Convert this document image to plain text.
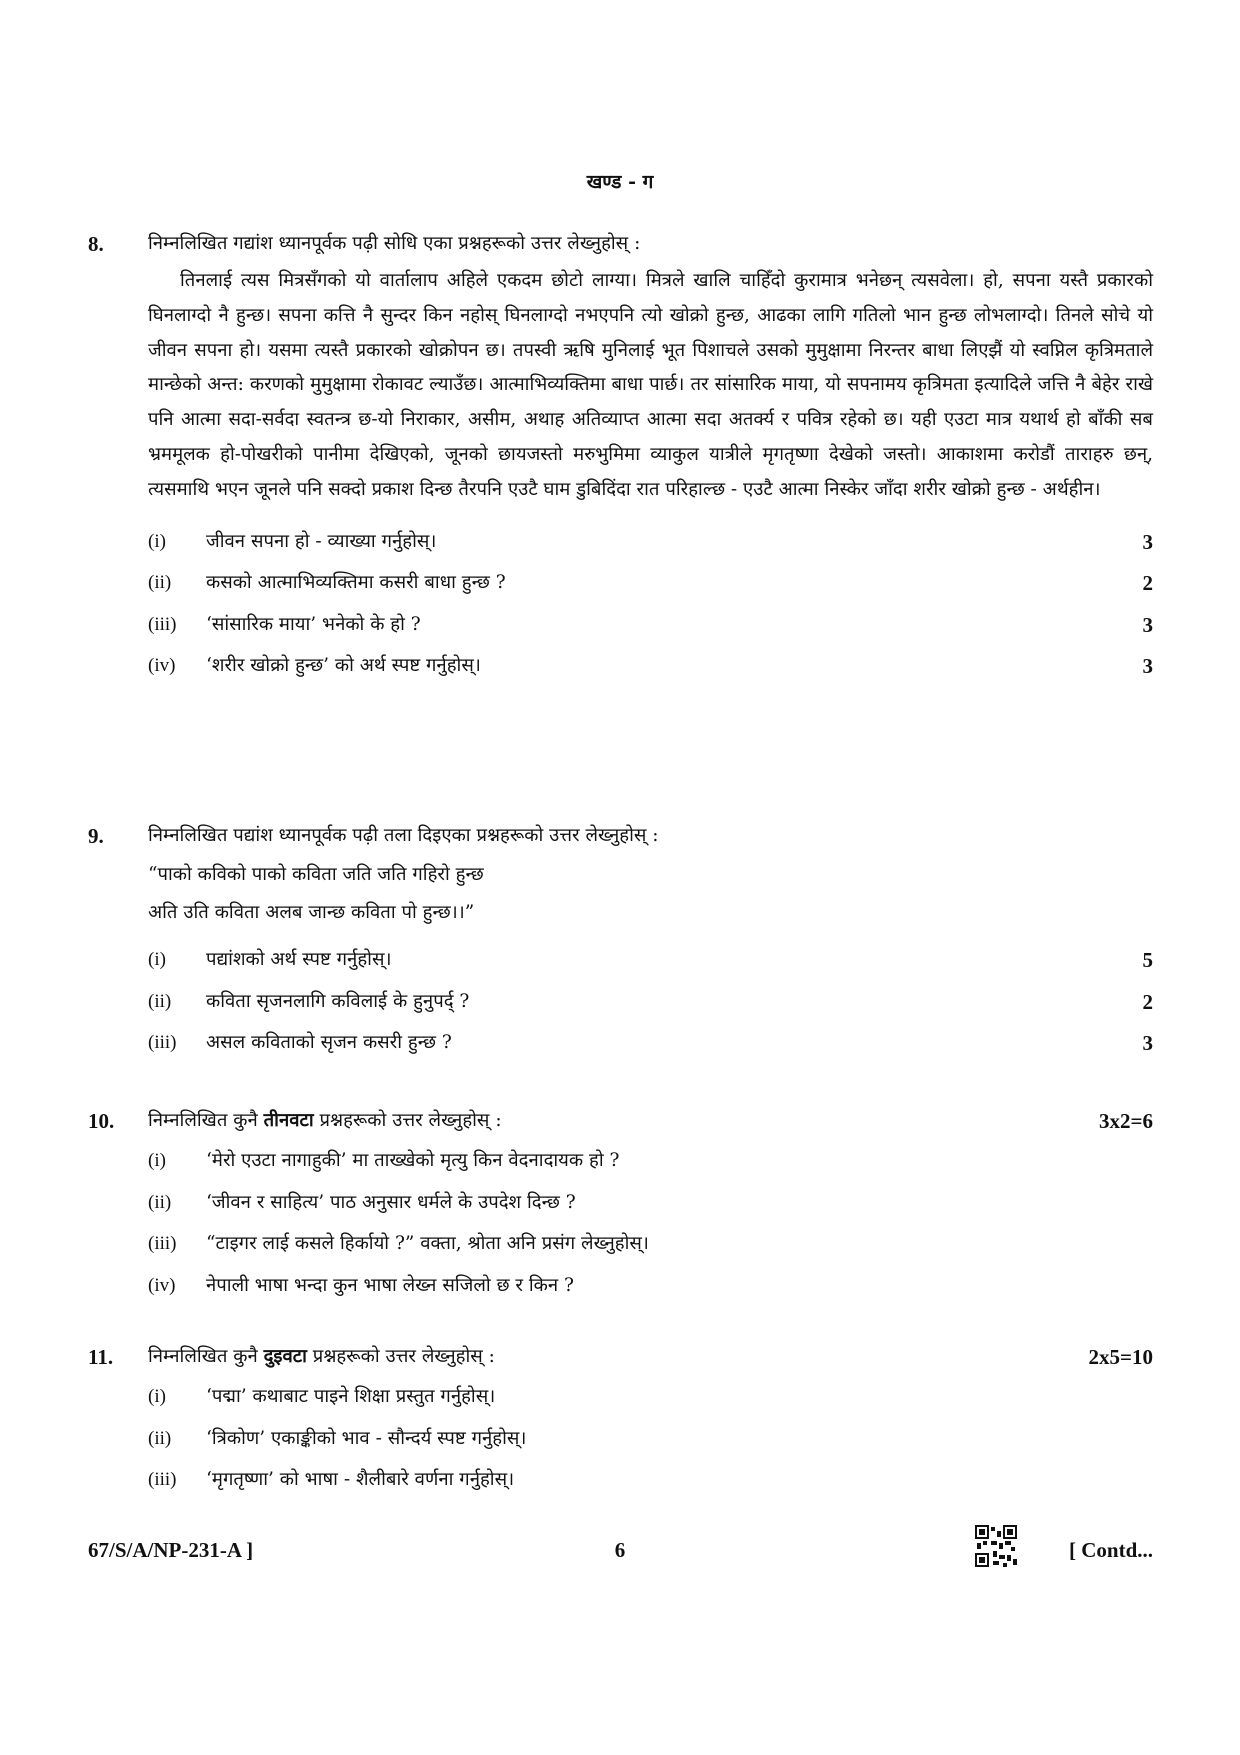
खण्ड - ग
8.	निम्नलिखित गद्यांश ध्यानपूर्वक पढ़ी सोधि एका प्रश्नहरूको उत्तर लेख्नुहोस् :

तिनलाई त्यस मित्रसँगको यो वार्तालाप अहिले एकदम छोटो लाग्या। मित्रले खालि चाहिँदो कुरामात्र भनेछन् त्यसवेला। हो, सपना यस्तै प्रकारको घिनलाग्दो नै हुन्छ। सपना कत्ति नै सुन्दर किन नहोस् घिनलाग्दो नभएपनि त्यो खोक्रो हुन्छ, आढका लागि गतिलो भान हुन्छ लोभलाग्दो। तिनले सोचे यो जीवन सपना हो। यसमा त्यस्तै प्रकारको खोक्रोपन छ। तपस्वी ऋषि मुनिलाई भूत पिशाचले उसको मुमुक्षामा निरन्तर बाधा लिएझैं यो स्वप्निल कृत्रिमताले मान्छेको अन्त: करणको मुमुक्षामा रोकावट ल्याउँछ। आत्माभिव्यक्तिमा बाधा पार्छ। तर सांसारिक माया, यो सपनामय कृत्रिमता इत्यादिले जत्ति नै बेहेर राखे पनि आत्मा सदा-सर्वदा स्वतन्त्र छ-यो निराकार, असीम, अथाह अतिव्याप्त आत्मा सदा अतर्क्य र पवित्र रहेको छ। यही एउटा मात्र यथार्थ हो बाँकी सब भ्रममूलक हो-पोखरीको पानीमा देखिएको, जूनको छायजस्तो मरुभुमिमा व्याकुल यात्रीले मृगतृष्णा देखेको जस्तो। आकाशमा करोडौं ताराहरु छन्, त्यसमाथि भएन जूनले पनि सक्दो प्रकाश दिन्छ तैरपनि एउटै घाम डुबिदिंदा रात परिहाल्छ - एउटै आत्मा निस्केर जाँदा शरीर खोक्रो हुन्छ - अर्थहीन।

(i)	जीवन सपना हो - व्याख्या गर्नुहोस्।	3
(ii)	कसको आत्माभिव्यक्तिमा कसरी बाधा हुन्छ ?	2
(iii)	‘सांसारिक माया’ भनेको के हो ?	3
(iv)	‘शरीर खोक्रो हुन्छ’ को अर्थ स्पष्ट गर्नुहोस्।	3
9.	निम्नलिखित पद्यांश ध्यानपूर्वक पढ़ी तला दिइएका प्रश्नहरूको उत्तर लेख्नुहोस् :
“पाको कविको पाको कविता जति जति गहिरो हुन्छ
अति उति कविता अलब जान्छ कविता पो हुन्छ।।”
(i)	पद्यांशको अर्थ स्पष्ट गर्नुहोस्।	5
(ii)	कविता सृजनलागि कविलाई के हुनुपर्द् ?	2
(iii)	असल कविताको सृजन कसरी हुन्छ ?	3
10.	निम्नलिखित कुनै तीनवटा प्रश्नहरूको उत्तर लेख्नुहोस् :	3x2=6
(i)	‘मेरो एउटा नागाहुकी’ मा ताख्खेको मृत्यु किन वेदनादायक हो ?
(ii)	‘जीवन र साहित्य’ पाठ अनुसार धर्मले के उपदेश दिन्छ ?
(iii)	“टाइगर लाई कसले हिर्कायो ?” वक्ता, श्रोता अनि प्रसंग लेख्नुहोस्।
(iv)	नेपाली भाषा भन्दा कुन भाषा लेख्न सजिलो छ र किन ?
11.	निम्नलिखित कुनै दुइवटा प्रश्नहरूको उत्तर लेख्नुहोस् :	2x5=10
(i)	‘पद्मा’ कथाबाट पाइने शिक्षा प्रस्तुत गर्नुहोस्।
(ii)	‘त्रिकोण’ एकाङ्कीको भाव - सौन्दर्य स्पष्ट गर्नुहोस्।
(iii)	‘मृगतृष्णा’ को भाषा - शैलीबारे वर्णना गर्नुहोस्।
67/S/A/NP-231-A ]	6	[ Contd...
